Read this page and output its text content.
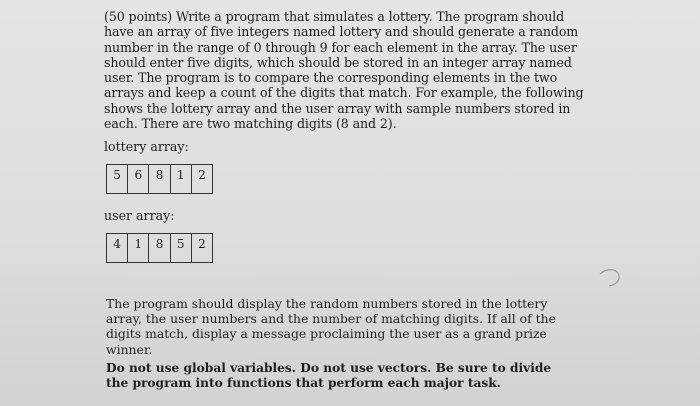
(50 points) Write a program that simulates a lottery. The program should have an array of five integers named lottery and should generate a random number in the range of 0 through 9 for each element in the array. The user should enter five digits, which should be stored in an integer array named user. The program is to compare the corresponding elements in the two arrays and keep a count of the digits that match. For example, the following shows the lottery array and the user array with sample numbers stored in each. There are two matching digits (8 and 2).
lottery array:
5	6	8	1	2
user array:
4	1	8	5	2
The program should display the random numbers stored in the lottery array, the user numbers and the number of matching digits. If all of the digits match, display a message proclaiming the user as a grand prize winner.
Do not use global variables. Do not use vectors. Be sure to divide the program into functions that perform each major task.
